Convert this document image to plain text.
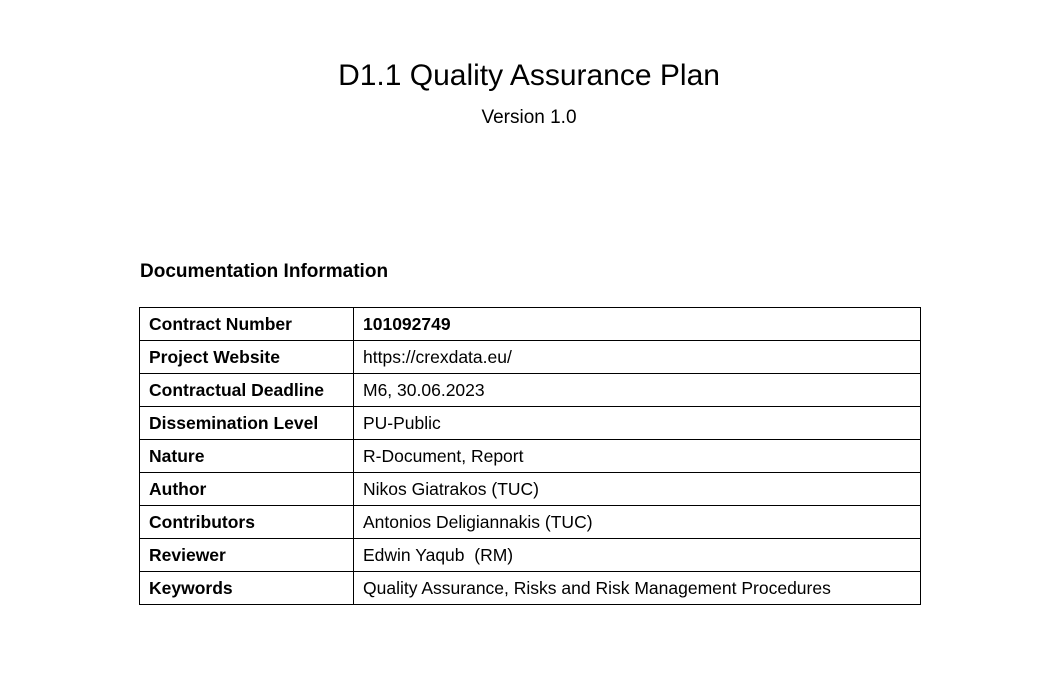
D1.1 Quality Assurance Plan
Version 1.0
Documentation Information
Contract Number	101092749
Project Website	https://crexdata.eu/
Contractual Deadline	M6, 30.06.2023
Dissemination Level	PU-Public
Nature	R-Document, Report
Author	Nikos Giatrakos (TUC)
Contributors	Antonios Deligiannakis (TUC)
Reviewer	Edwin Yaqub  (RM)
Keywords	Quality Assurance, Risks and Risk Management Procedures
